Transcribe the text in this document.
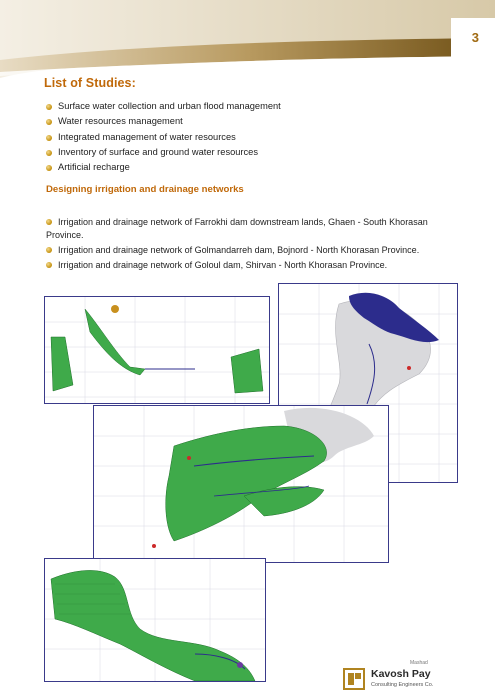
3
List of Studies:
Surface water collection and urban flood management
Water resources management
Integrated management of water resources
Inventory of surface and ground water resources
Artificial recharge
Designing irrigation and drainage networks
Irrigation and drainage network of Farrokhi dam downstream lands, Ghaen - South Khorasan Province.
Irrigation and drainage network of Golmandarreh dam, Bojnord - North Khorasan Province.
Irrigation and drainage network of Goloul dam, Shirvan - North Khorasan Province.
Mashad
Kavosh Pay
Consulting Engineers Co.
